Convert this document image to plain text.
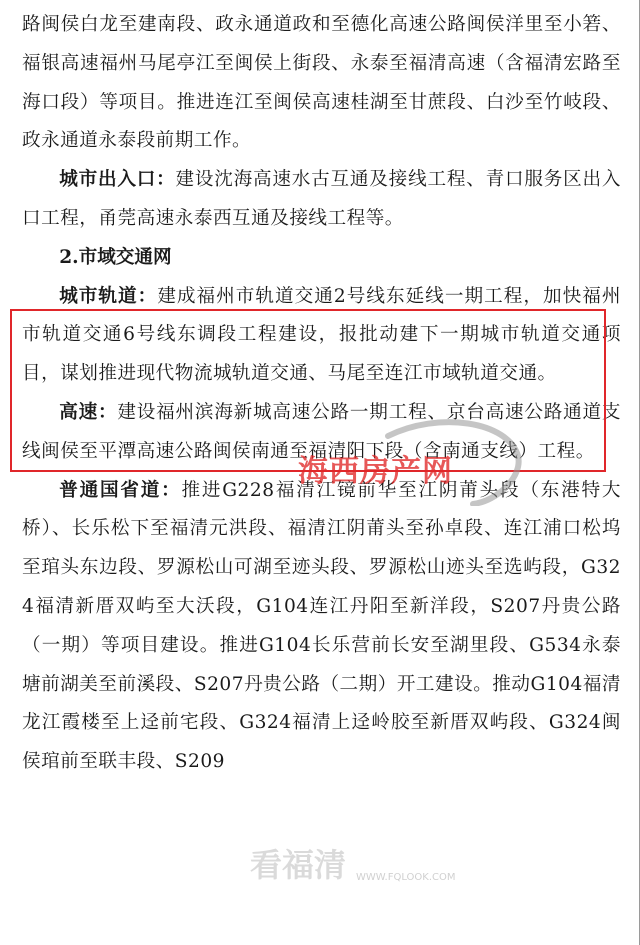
路闽侯白龙至建南段、政永通道政和至德化高速公路闽侯洋里至小箬、福银高速福州马尾亭江至闽侯上街段、永泰至福清高速（含福清宏路至海口段）等项目。推进连江至闽侯高速桂湖至甘蔗段、白沙至竹岐段、政永通道永泰段前期工作。

城市出入口：建设沈海高速水古互通及接线工程、青口服务区出入口工程，甬莞高速永泰西互通及接线工程等。

2.市域交通网

城市轨道：建成福州市轨道交通2号线东延线一期工程，加快福州市轨道交通6号线东调段工程建设，报批动建下一期城市轨道交通项目，谋划推进现代物流城轨道交通、马尾至连江市域轨道交通。

高速：建设福州滨海新城高速公路一期工程、京台高速公路通道支线闽侯至平潭高速公路闽侯南通至福清阳下段（含南通支线）工程。

普通国省道：推进G228福清江镜前华至江阴莆头段（东港特大桥）、长乐松下至福清元洪段、福清江阴莆头至孙卓段、连江浦口松坞至琯头东边段、罗源松山可湖至迹头段、罗源松山迹头至选屿段，G324福清新厝双屿至大沃段，G104连江丹阳至新洋段，S207丹贵公路（一期）等项目建设。推进G104长乐营前长安至湖里段、G534永泰塘前湖美至前溪段、S207丹贵公路（二期）开工建设。推动G104福清龙江霞楼至上迳前宅段、G324福清上迳岭胶至新厝双屿段、G324闽侯琯前至联丰段、S209

海西房产网
看福清 WWW.FQLOOK.COM
